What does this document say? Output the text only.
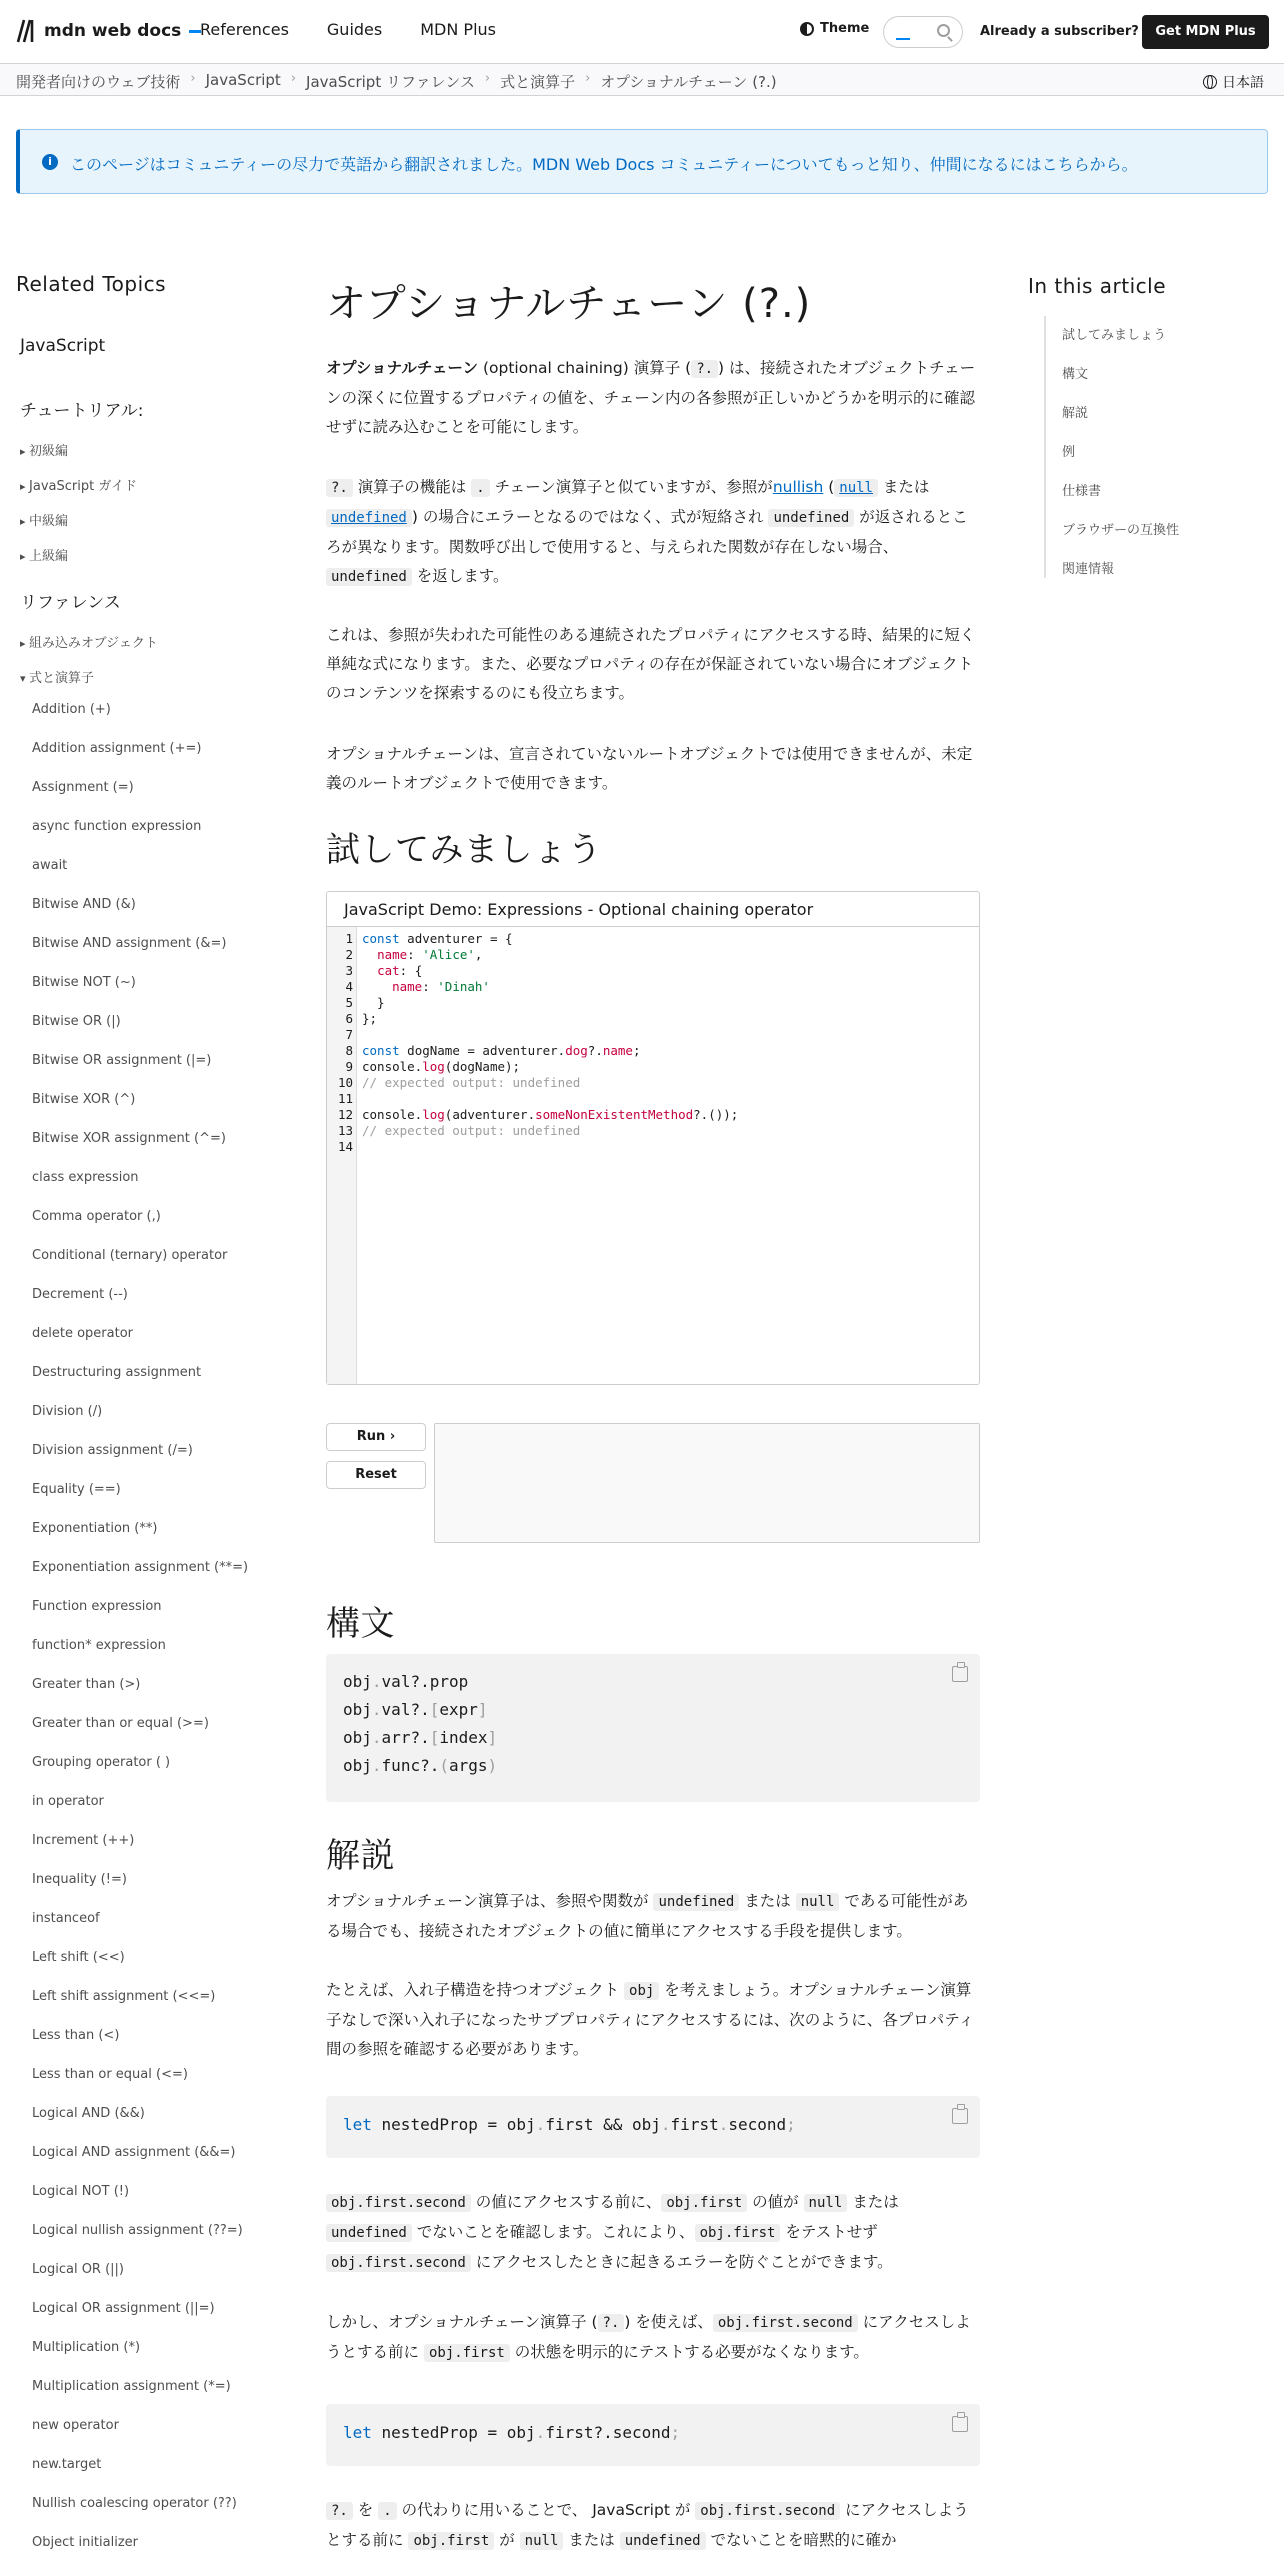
mdn web docs References Guides MDN Plus	Theme	Already a subscriber?	Get MDN Plus
開発者向けのウェブ技術 › JavaScript › JavaScript リファレンス › 式と演算子 › オプショナルチェーン (?.)	日本語
i	このページはコミュニティーの尽力で英語から翻訳されました。MDN Web Docs コミュニティーについてもっと知り、仲間になるにはこちらから。
Related Topics
JavaScript
チュートリアル:
▸ 初級編
▸ JavaScript ガイド
▸ 中級編
▸ 上級編
リファレンス
▸ 組み込みオブジェクト
▾ 式と演算子
Addition (+)
Addition assignment (+=)
Assignment (=)
async function expression
await
Bitwise AND (&)
Bitwise AND assignment (&=)
Bitwise NOT (~)
Bitwise OR (|)
Bitwise OR assignment (|=)
Bitwise XOR (^)
Bitwise XOR assignment (^=)
class expression
Comma operator (,)
Conditional (ternary) operator
Decrement (--)
delete operator
Destructuring assignment
Division (/)
Division assignment (/=)
Equality (==)
Exponentiation (**)
Exponentiation assignment (**=)
Function expression
function* expression
Greater than (>)
Greater than or equal (>=)
Grouping operator ( )
in operator
Increment (++)
Inequality (!=)
instanceof
Left shift (<<)
Left shift assignment (<<=)
Less than (<)
Less than or equal (<=)
Logical AND (&&)
Logical AND assignment (&&=)
Logical NOT (!)
Logical nullish assignment (??=)
Logical OR (||)
Logical OR assignment (||=)
Multiplication (*)
Multiplication assignment (*=)
new operator
new.target
Nullish coalescing operator (??)
Object initializer
オプショナルチェーン (?.)

オプショナルチェーン (optional chaining) 演算子 ( ?. ) は、接続されたオブジェクトチェーンの深くに位置するプロパティの値を、チェーン内の各参照が正しいかどうかを明示的に確認せずに読み込むことを可能にします。

?. 演算子の機能は . チェーン演算子と似ていますが、参照がnullish ( null または undefined ) の場合にエラーとなるのではなく、式が短絡され undefined が返されるところが異なります。関数呼び出しで使用すると、与えられた関数が存在しない場合、undefined を返します。

これは、参照が失われた可能性のある連続されたプロパティにアクセスする時、結果的に短く単純な式になります。また、必要なプロパティの存在が保証されていない場合にオブジェクトのコンテンツを探索するのにも役立ちます。

オプショナルチェーンは、宣言されていないルートオブジェクトでは使用できませんが、未定義のルートオブジェクトで使用できます。

試してみましょう
JavaScript Demo: Expressions - Optional chaining operator
1
2
3
4
5
6
7
8
9
10
11
12
13
14
const adventurer = {
name: 'Alice',
cat: {
name: 'Dinah'
}
};
const dogName = adventurer.dog?.name;
console.log(dogName);
// expected output: undefined
console.log(adventurer.someNonExistentMethod?.());
// expected output: undefined
Run ›
Reset
構文
obj.val?.prop
obj.val?.[expr]
obj.arr?.[index]
obj.func?.(args)
解説

オプショナルチェーン演算子は、参照や関数が undefined または null である可能性がある場合でも、接続されたオブジェクトの値に簡単にアクセスする手段を提供します。

たとえば、入れ子構造を持つオブジェクト obj を考えましょう。オプショナルチェーン演算子なしで深い入れ子になったサブプロパティにアクセスするには、次のように、各プロパティ間の参照を確認する必要があります。

let nestedProp = obj.first && obj.first.second;

obj.first.second の値にアクセスする前に、 obj.first の値が null または undefined でないことを確認します。これにより、 obj.first をテストせず obj.first.second にアクセスしたときに起きるエラーを防ぐことができます。

しかし、オプショナルチェーン演算子 ( ?. ) を使えば、 obj.first.second にアクセスしようとする前に obj.first の状態を明示的にテストする必要がなくなります。

let nestedProp = obj.first?.second;

?. を . の代わりに用いることで、 JavaScript が obj.first.second にアクセスしようとする前に obj.first が null または undefined でないことを暗黙的に確か

In this article
試してみましょう
構文
解説
例
仕様書
ブラウザーの互換性
関連情報
